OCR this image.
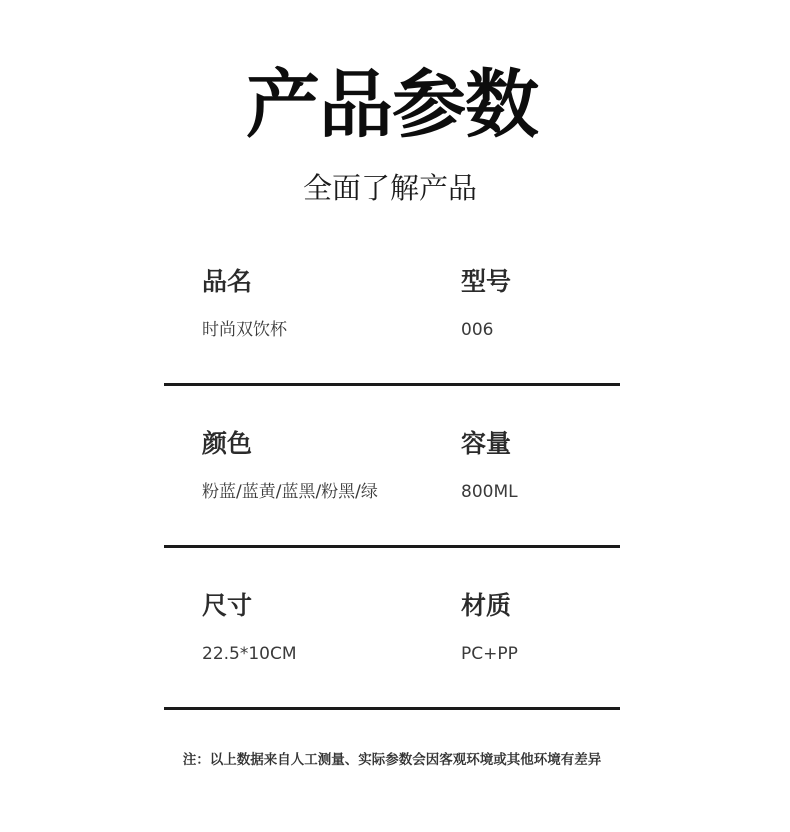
产品参数
全面了解产品
品名
时尚双饮杯
型号
006
颜色
粉蓝/蓝黄/蓝黑/粉黑/绿
容量
800ML
尺寸
22.5*10CM
材质
PC+PP
注：以上数据来自人工测量、实际参数会因客观环境或其他环境有差异
